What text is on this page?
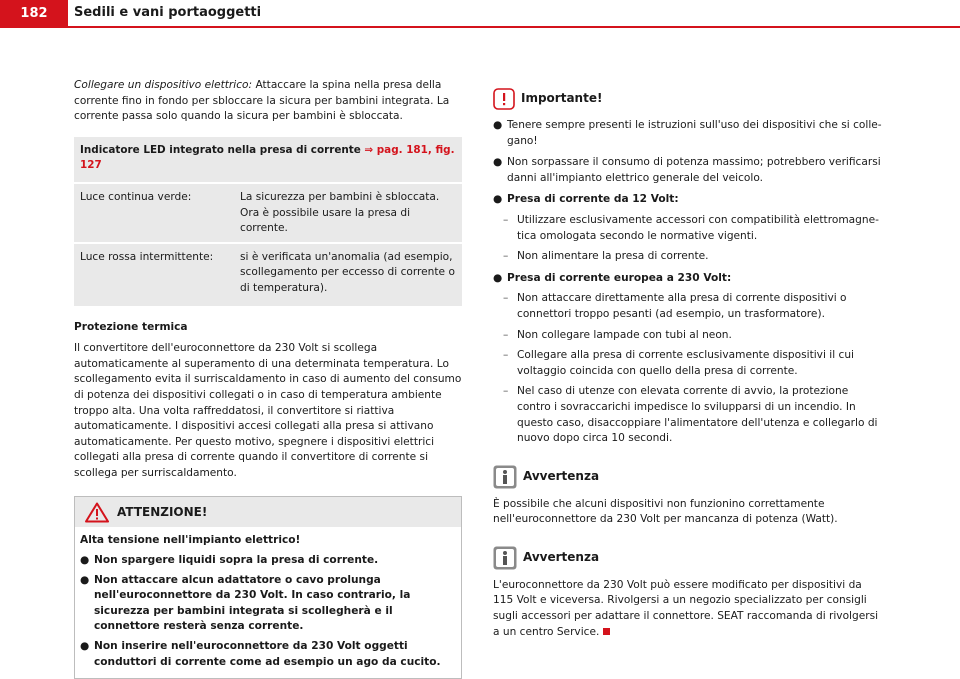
182	Sedili e vani portaoggetti

Collegare un dispositivo elettrico: Attaccare la spina nella presa della corrente fino in fondo per sbloccare la sicura per bambini integrata. La corrente passa solo quando la sicura per bambini è sbloccata.

Indicatore LED integrato nella presa di corrente ⇒ pag. 181, fig. 127
Luce continua verde:	La sicurezza per bambini è sbloccata. Ora è possibile usare la presa di corrente.
Luce rossa intermittente:	si è verificata un'anomalia (ad esempio, scollegamento per eccesso di corrente o di temperatura).

Protezione termica

Il convertitore dell'euroconnettore da 230 Volt si scollega automaticamente al superamento di una determinata temperatura. Lo scollegamento evita il surriscaldamento in caso di aumento del consumo di potenza dei dispositivi collegati o in caso di temperatura ambiente troppo alta. Una volta raffreddatosi, il convertitore si riattiva automaticamente. I dispositivi accesi collegati alla presa si attivano automaticamente. Per questo motivo, spegnere i dispositivi elettrici collegati alla presa di corrente quando il convertitore di corrente si scollega per surriscaldamento.

ATTENZIONE!
Alta tensione nell'impianto elettrico!
● Non spargere liquidi sopra la presa di corrente.
● Non attaccare alcun adattatore o cavo prolunga nell'euroconnettore da 230 Volt. In caso contrario, la sicurezza per bambini integrata si scollegherà e il connettore resterà senza corrente.
● Non inserire nell'euroconnettore da 230 Volt oggetti conduttori di corrente come ad esempio un ago da cucito.
Importante!
● Tenere sempre presenti le istruzioni sull'uso dei dispositivi che si collegano!
● Non sorpassare il consumo di potenza massimo; potrebbero verificarsi danni all'impianto elettrico generale del veicolo.
● Presa di corrente da 12 Volt:
– Utilizzare esclusivamente accessori con compatibilità elettromagnetica omologata secondo le normative vigenti.
– Non alimentare la presa di corrente.
● Presa di corrente europea a 230 Volt:
– Non attaccare direttamente alla presa di corrente dispositivi o connettori troppo pesanti (ad esempio, un trasformatore).
– Non collegare lampade con tubi al neon.
– Collegare alla presa di corrente esclusivamente dispositivi il cui voltaggio coincida con quello della presa di corrente.
– Nel caso di utenze con elevata corrente di avvio, la protezione contro i sovraccarichi impedisce lo svilupparsi di un incendio. In questo caso, disaccoppiare l'alimentatore dell'utenza e collegarlo di nuovo dopo circa 10 secondi.
Avvertenza

È possibile che alcuni dispositivi non funzionino correttamente nell'euroconnettore da 230 Volt per mancanza di potenza (Watt).

Avvertenza

L'euroconnettore da 230 Volt può essere modificato per dispositivi da 115 Volt e viceversa. Rivolgersi a un negozio specializzato per consigli sugli accessori per adattare il connettore. SEAT raccomanda di rivolgersi a un centro Service.
